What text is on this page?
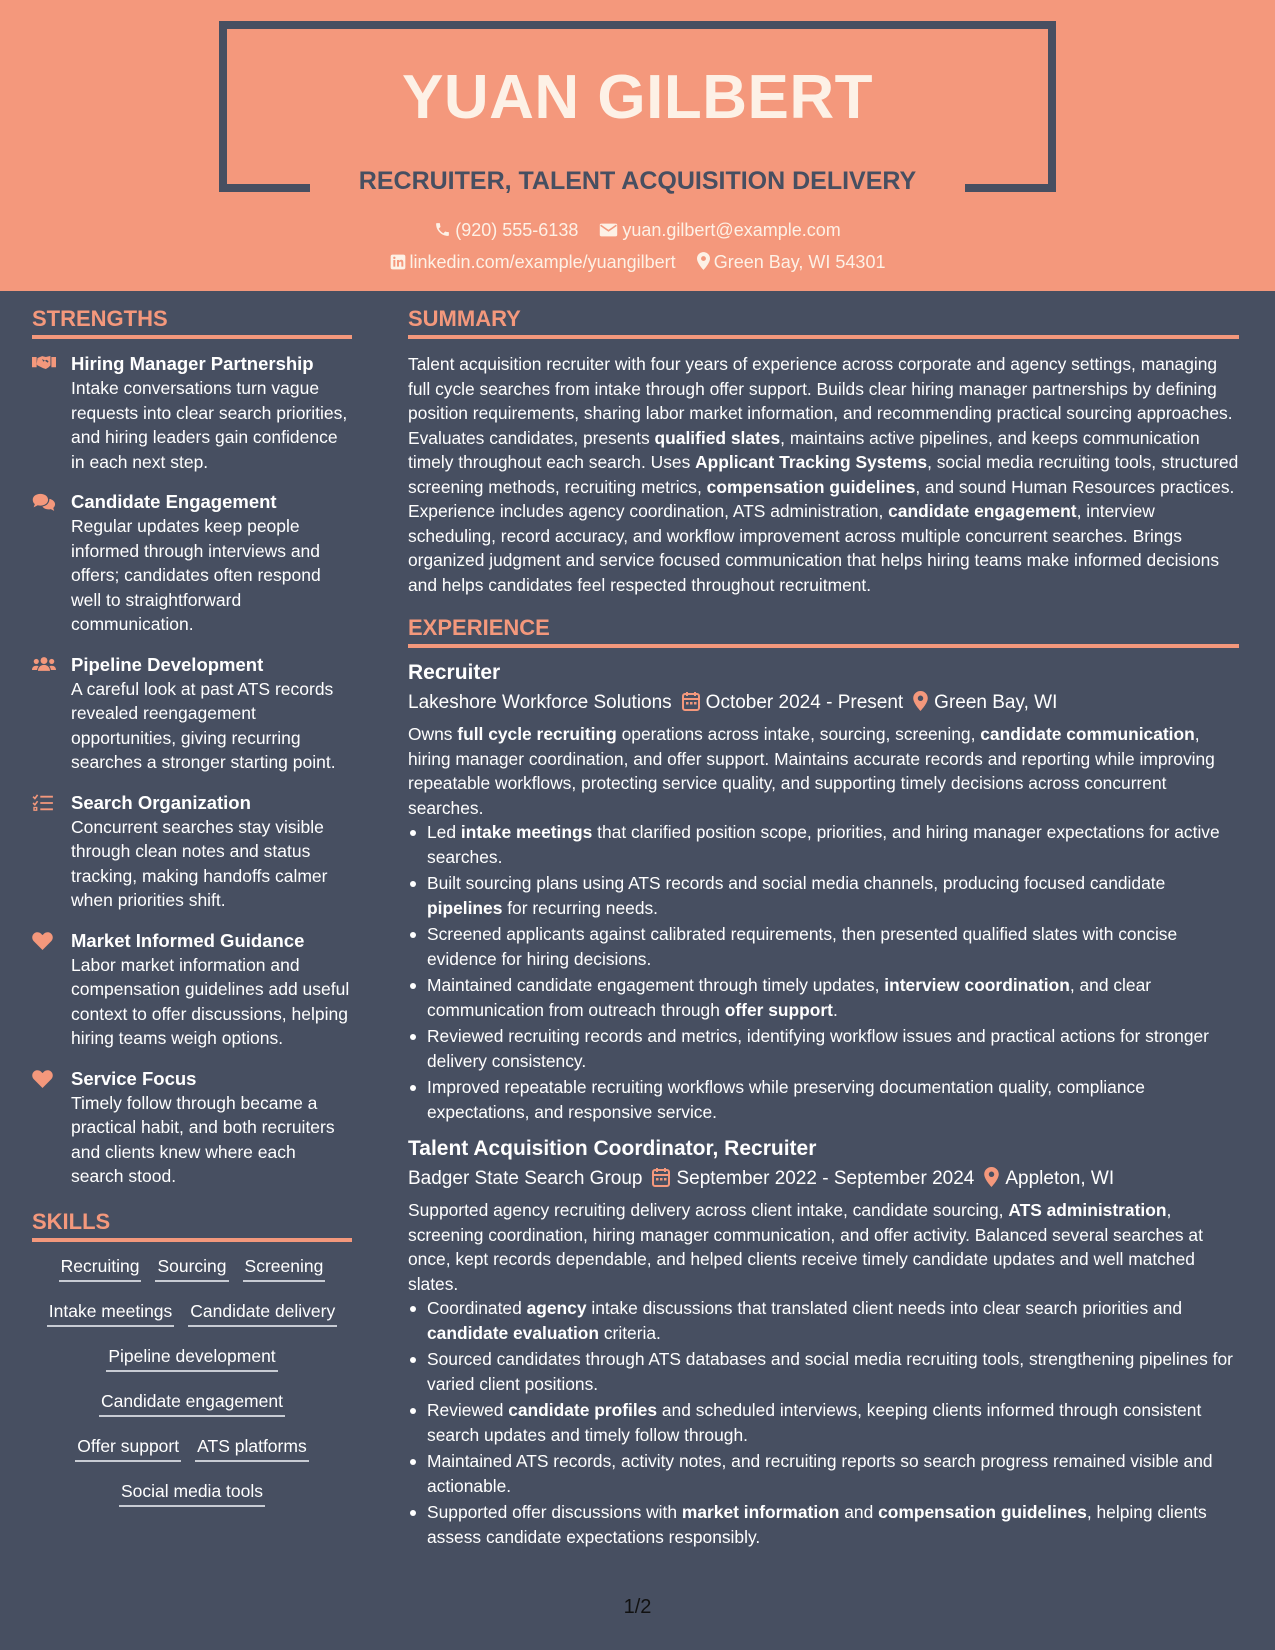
YUAN GILBERT
RECRUITER, TALENT ACQUISITION DELIVERY
(920) 555-6138 yuan.gilbert@example.com
linkedin.com/example/yuangilbert Green Bay, WI 54301
STRENGTHS
Hiring Manager Partnership
Intake conversations turn vague requests into clear search priorities, and hiring leaders gain confidence in each next step.
Candidate Engagement
Regular updates keep people informed through interviews and offers; candidates often respond well to straightforward communication.
Pipeline Development
A careful look at past ATS records revealed reengagement opportunities, giving recurring searches a stronger starting point.
Search Organization
Concurrent searches stay visible through clean notes and status tracking, making handoffs calmer when priorities shift.
Market Informed Guidance
Labor market information and compensation guidelines add useful context to offer discussions, helping hiring teams weigh options.
Service Focus
Timely follow through became a practical habit, and both recruiters and clients knew where each search stood.
SKILLS
Recruiting Sourcing Screening
Intake meetings Candidate delivery
Pipeline development
Candidate engagement
Offer support ATS platforms
Social media tools
SUMMARY
Talent acquisition recruiter with four years of experience across corporate and agency settings, managing full cycle searches from intake through offer support. Builds clear hiring manager partnerships by defining position requirements, sharing labor market information, and recommending practical sourcing approaches. Evaluates candidates, presents qualified slates, maintains active pipelines, and keeps communication timely throughout each search. Uses Applicant Tracking Systems, social media recruiting tools, structured screening methods, recruiting metrics, compensation guidelines, and sound Human Resources practices. Experience includes agency coordination, ATS administration, candidate engagement, interview scheduling, record accuracy, and workflow improvement across multiple concurrent searches. Brings organized judgment and service focused communication that helps hiring teams make informed decisions and helps candidates feel respected throughout recruitment.
EXPERIENCE
Recruiter
Lakeshore Workforce Solutions October 2024 - Present Green Bay, WI
Owns full cycle recruiting operations across intake, sourcing, screening, candidate communication, hiring manager coordination, and offer support. Maintains accurate records and reporting while improving repeatable workflows, protecting service quality, and supporting timely decisions across concurrent searches.
Led intake meetings that clarified position scope, priorities, and hiring manager expectations for active searches.
Built sourcing plans using ATS records and social media channels, producing focused candidate pipelines for recurring needs.
Screened applicants against calibrated requirements, then presented qualified slates with concise evidence for hiring decisions.
Maintained candidate engagement through timely updates, interview coordination, and clear communication from outreach through offer support.
Reviewed recruiting records and metrics, identifying workflow issues and practical actions for stronger delivery consistency.
Improved repeatable recruiting workflows while preserving documentation quality, compliance expectations, and responsive service.
Talent Acquisition Coordinator, Recruiter
Badger State Search Group September 2022 - September 2024 Appleton, WI
Supported agency recruiting delivery across client intake, candidate sourcing, ATS administration, screening coordination, hiring manager communication, and offer activity. Balanced several searches at once, kept records dependable, and helped clients receive timely candidate updates and well matched slates.
Coordinated agency intake discussions that translated client needs into clear search priorities and candidate evaluation criteria.
Sourced candidates through ATS databases and social media recruiting tools, strengthening pipelines for varied client positions.
Reviewed candidate profiles and scheduled interviews, keeping clients informed through consistent search updates and timely follow through.
Maintained ATS records, activity notes, and recruiting reports so search progress remained visible and actionable.
Supported offer discussions with market information and compensation guidelines, helping clients assess candidate expectations responsibly.
1/2
